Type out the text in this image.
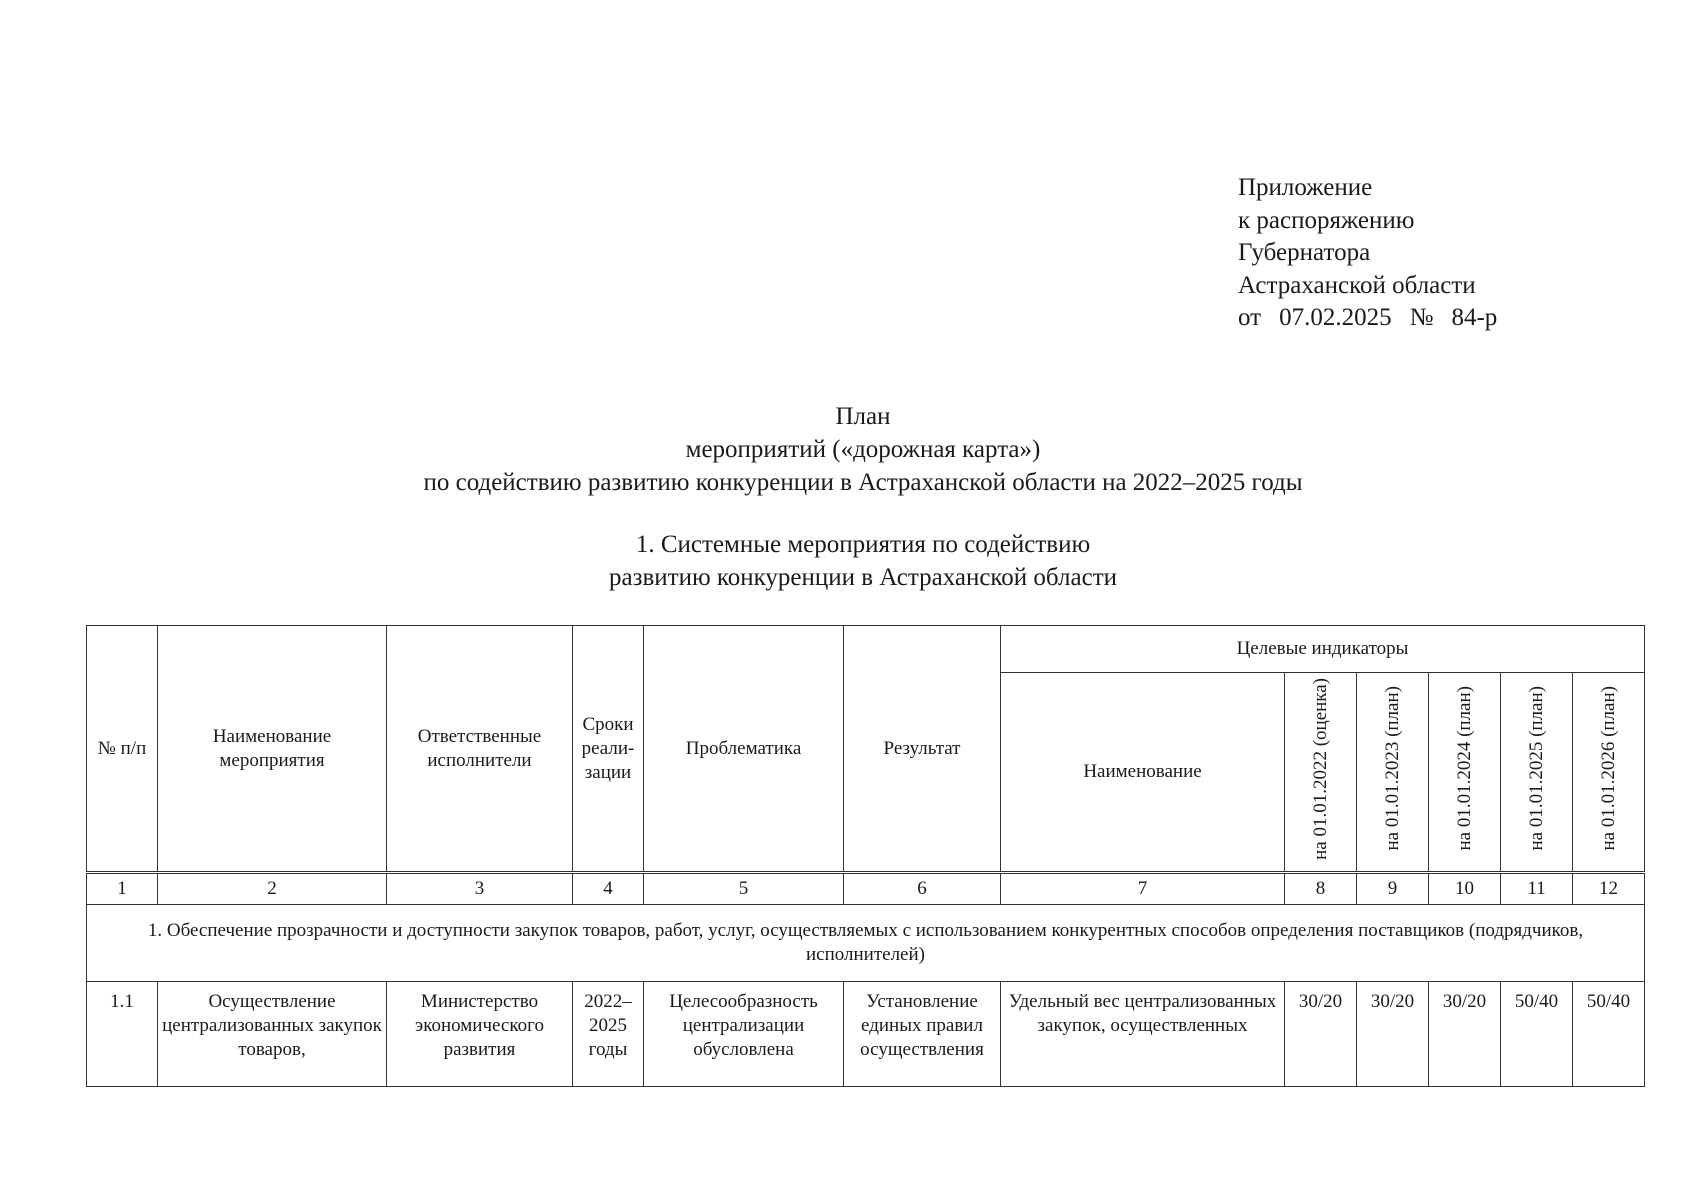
Приложение
к распоряжению
Губернатора
Астраханской области
от 07.02.2025 № 84-р
План
мероприятий («дорожная карта»)
по содействию развитию конкуренции в Астраханской области на 2022–2025 годы
1. Системные мероприятия по содействию
развитию конкуренции в Астраханской области
№ п/п	Наименование мероприятия	Ответственные исполнители	Сроки реали-зации	Проблематика	Результат	Целевые индикаторы					
						Наименование	на 01.01.2022 (оценка)	на 01.01.2023 (план)	на 01.01.2024 (план)	на 01.01.2025 (план)	на 01.01.2026 (план)
1	2	3	4	5	6	7	8	9	10	11	12
1. Обеспечение прозрачности и доступности закупок товаров, работ, услуг, осуществляемых с использованием конкурентных способов определения поставщиков (подрядчиков, исполнителей)											
1.1	Осуществление централизованных закупок товаров,	Министерство экономического развития	2022–2025 годы	Целесообразность централизации обусловлена	Установление единых правил осуществления	Удельный вес централизованных закупок, осуществленных	30/20	30/20	30/20	50/40	50/40
